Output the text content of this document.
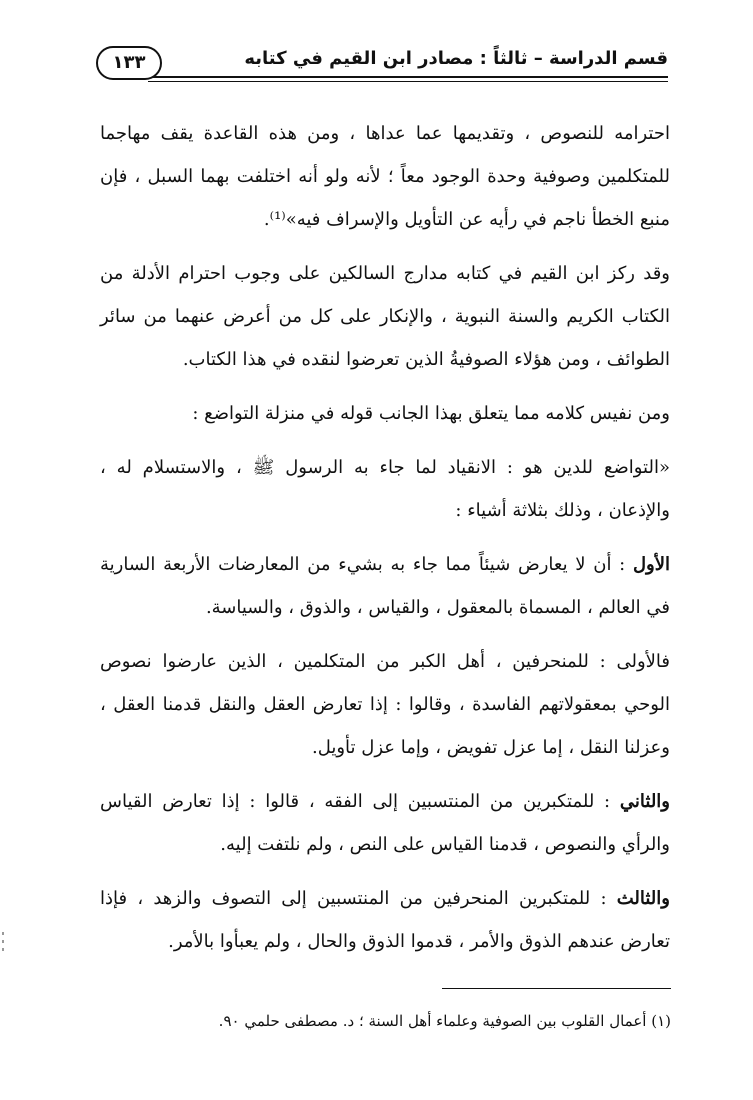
قسم الدراسة – ثالثاً : مصادر ابن القيم في كتابه
١٣٣
احترامه للنصوص ، وتقديمها عما عداها ، ومن هذه القاعدة يقف مهاجما
للمتكلمين وصوفية وحدة الوجود معاً ؛ لأنه ولو أنه اختلفت بهما السبل ، فإن
منبع الخطأ ناجم في رأيه عن التأويل والإسراف فيه»⁽¹⁾.
وقد ركز ابن القيم في كتابه مدارج السالكين على وجوب احترام الأدلة من
الكتاب الكريم والسنة النبوية ، والإنكار على كل من أعرض عنهما من سائر
الطوائف ، ومن هؤلاء الصوفيةُ الذين تعرضوا لنقده في هذا الكتاب.
ومن نفيس كلامه مما يتعلق بهذا الجانب قوله في منزلة التواضع :
«التواضع للدين هو : الانقياد لما جاء به الرسول ﷺ ، والاستسلام له ،
والإذعان ، وذلك بثلاثة أشياء :
الأول : أن لا يعارض شيئاً مما جاء به بشيء من المعارضات الأربعة السارية
في العالم ، المسماة بالمعقول ، والقياس ، والذوق ، والسياسة.
فالأولى : للمنحرفين ، أهل الكبر من المتكلمين ، الذين عارضوا نصوص
الوحي بمعقولاتهم الفاسدة ، وقالوا : إذا تعارض العقل والنقل قدمنا العقل ،
وعزلنا النقل ، إما عزل تفويض ، وإما عزل تأويل.
والثاني : للمتكبرين من المنتسبين إلى الفقه ، قالوا : إذا تعارض القياس
والرأي والنصوص ، قدمنا القياس على النص ، ولم نلتفت إليه.
والثالث : للمتكبرين المنحرفين من المنتسبين إلى التصوف والزهد ، فإذا
تعارض عندهم الذوق والأمر ، قدموا الذوق والحال ، ولم يعبأوا بالأمر.
(١) أعمال القلوب بين الصوفية وعلماء أهل السنة ؛ د. مصطفى حلمي ٩٠.
